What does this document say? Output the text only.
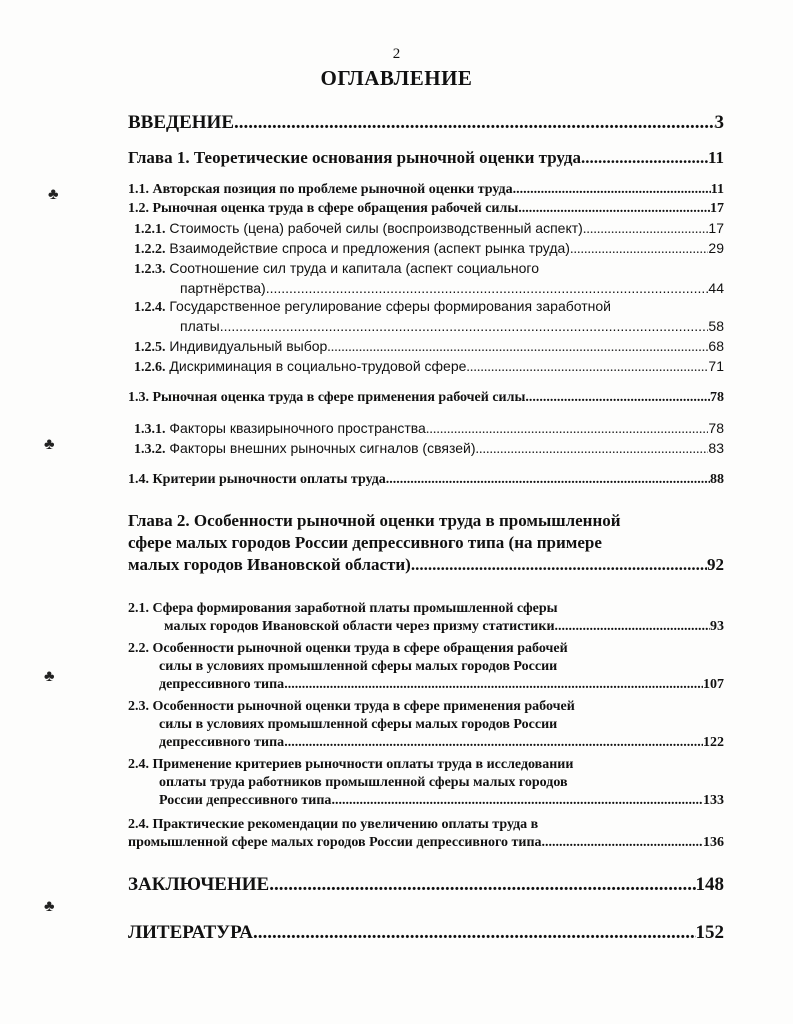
2
ОГЛАВЛЕНИЕ
♣
♣
♣
♣
ВВЕДЕНИЕ .....	3
Глава 1. Теоретические основания рыночной оценки труда .....	11
1.1. Авторская позиция по проблеме рыночной оценки труда .....	11
1.2. Рыночная оценка труда в сфере обращения рабочей силы .....	17
1.2.1. Стоимость (цена) рабочей силы (воспроизводственный аспект) .....	17
1.2.2. Взаимодействие спроса и предложения (аспект рынка труда) .....	29
1.2.3. Соотношение сил труда и капитала (аспект социального
партнёрства) .....	44
1.2.4. Государственное регулирование сферы формирования заработной
платы .....	58
1.2.5. Индивидуальный выбор .....	68
1.2.6. Дискриминация в социально-трудовой сфере .....	71
1.3. Рыночная оценка труда в сфере применения рабочей силы .....	78
1.3.1. Факторы квазирыночного пространства .....	78
1.3.2. Факторы внешних рыночных сигналов (связей) .....	83
1.4. Критерии рыночности оплаты труда .....	88
Глава 2. Особенности рыночной оценки труда в промышленной
сфере малых городов России депрессивного типа (на примере
малых городов Ивановской области) .....	92
2.1. Сфера формирования заработной платы промышленной сферы
малых городов Ивановской области через призму статистики .....	93
2.2. Особенности рыночной оценки труда в сфере обращения рабочей
силы в условиях промышленной сферы малых городов России
депрессивного типа .....	107
2.3. Особенности рыночной оценки труда в сфере применения рабочей
силы в условиях промышленной сферы малых городов России
депрессивного типа .....	122
2.4. Применение критериев рыночности оплаты труда в исследовании
оплаты труда работников промышленной сферы малых городов
России депрессивного типа .....	133
2.4. Практические рекомендации по увеличению оплаты труда в
промышленной сфере малых городов России депрессивного типа .....	136
ЗАКЛЮЧЕНИЕ .....	148
ЛИТЕРАТУРА .....	152
